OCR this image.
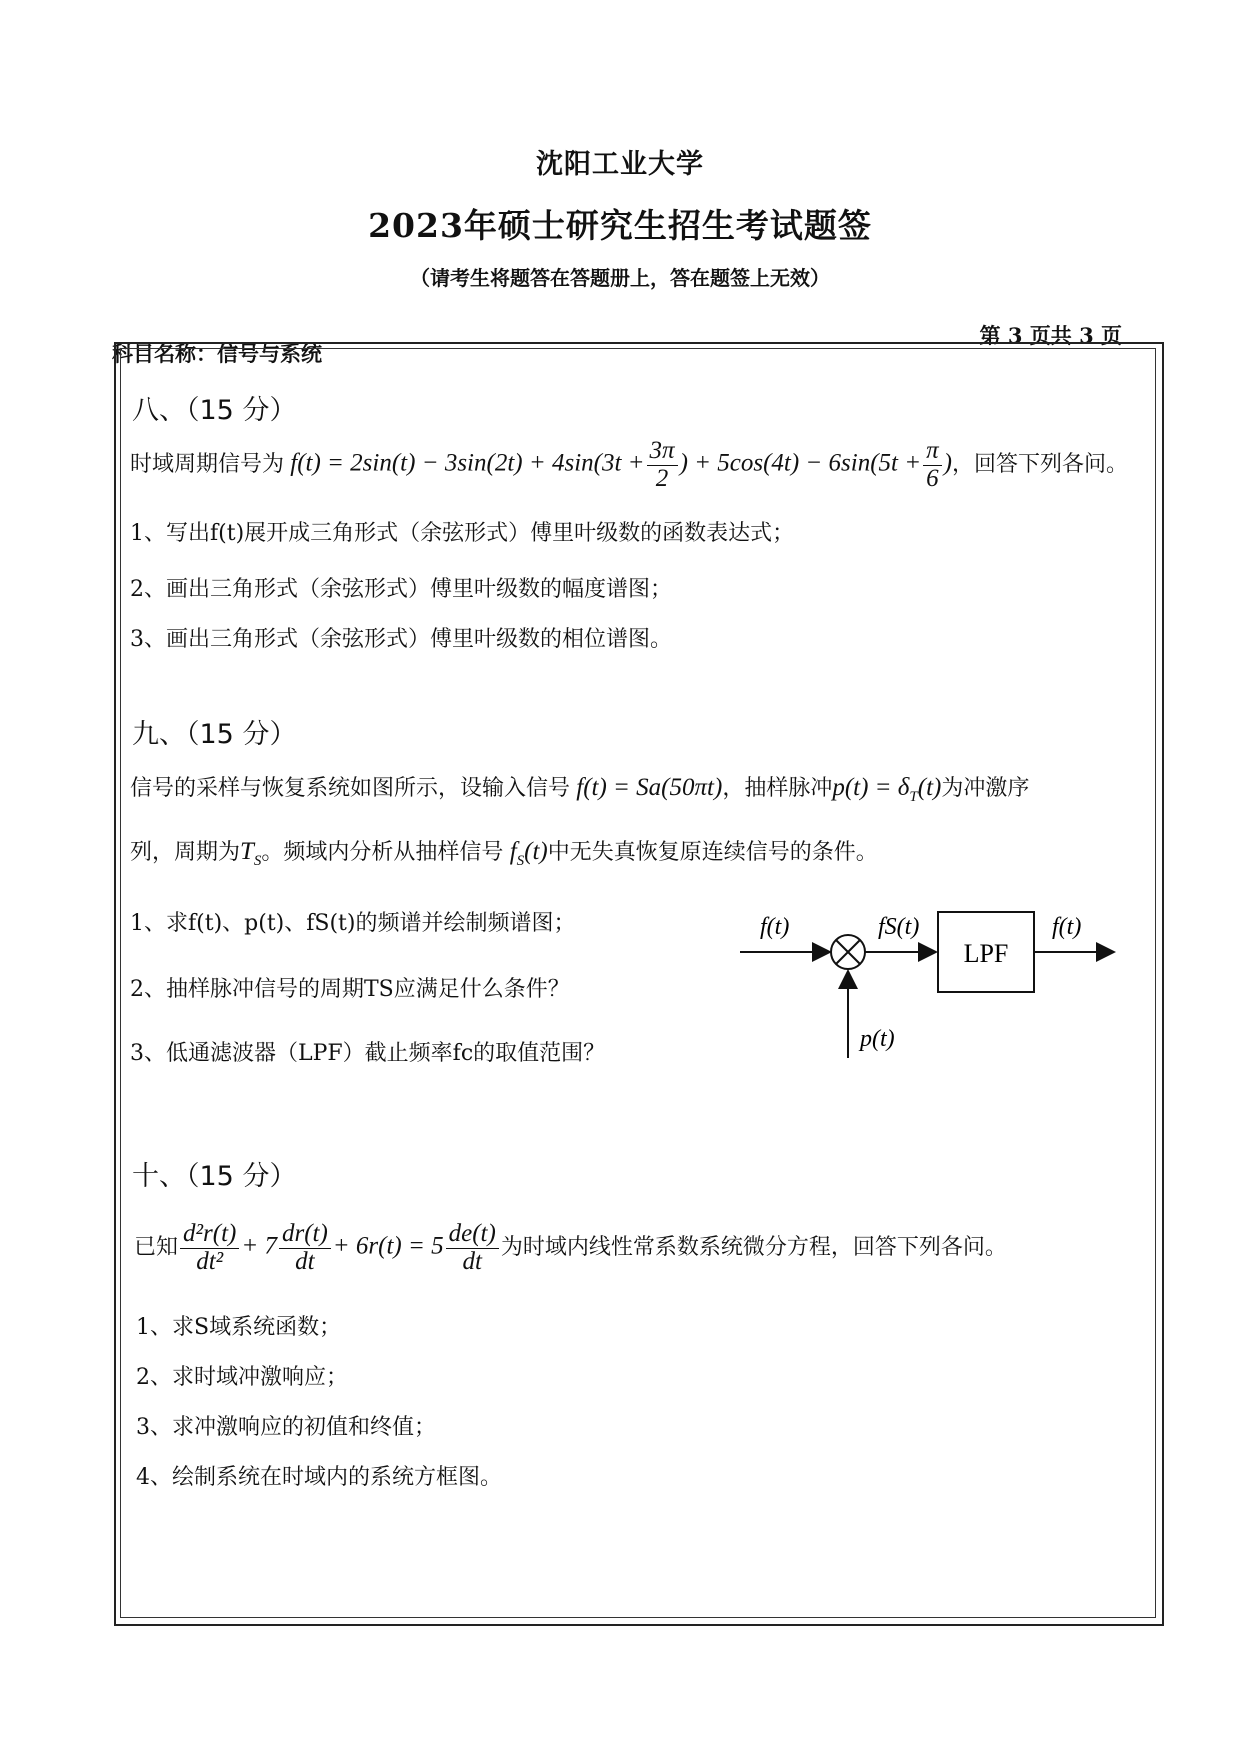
沈阳工业大学
2023年硕士研究生招生考试题签
（请考生将题答在答题册上，答在题签上无效）
科目名称：信号与系统
第 3 页共 3 页
八、（15 分）
时域周期信号为 $f(t) = 2\sin(t) - 3\sin(2t) + 4\sin(3t + \frac{3\pi}{2}$ ) + $5\cos(4t) - 6\sin(5t + \frac{\pi}{6}$ ) ，回答下列各问。
1、写出f(t)展开成三角形式（余弦形式）傅里叶级数的函数表达式；
2、画出三角形式（余弦形式）傅里叶级数的幅度谱图；
3、画出三角形式（余弦形式）傅里叶级数的相位谱图。
九、（15 分）
信号的采样与恢复系统如图所示，设输入信号 f(t) = Sa(50πt)，抽样脉冲$p(t) = \delta_T(t)$为冲激序
列，周期为$T_S$。频域内分析从抽样信号 $f_S(t)$中无失真恢复原连续信号的条件。
1、求f(t)、p(t)、fS(t)的频谱并绘制频谱图；
2、抽样脉冲信号的周期TS应满足什么条件？
3、低通滤波器（LPF）截止频率fc的取值范围？
f(t)
p(t)
fS(t)
LPF
f(t)
十、（15 分）
已知 $\frac{\text{d²r(t)}}{\text{dt²}} + 7 \frac{dr(t)}{dt} + 6r(t) = 5 \frac{de(t)}{dt}$ 为时域内线性常系数系统微分方程，回答下列各问。
1、求S域系统函数；
2、求时域冲激响应；
3、求冲激响应的初值和终值；
4、绘制系统在时域内的系统方框图。
